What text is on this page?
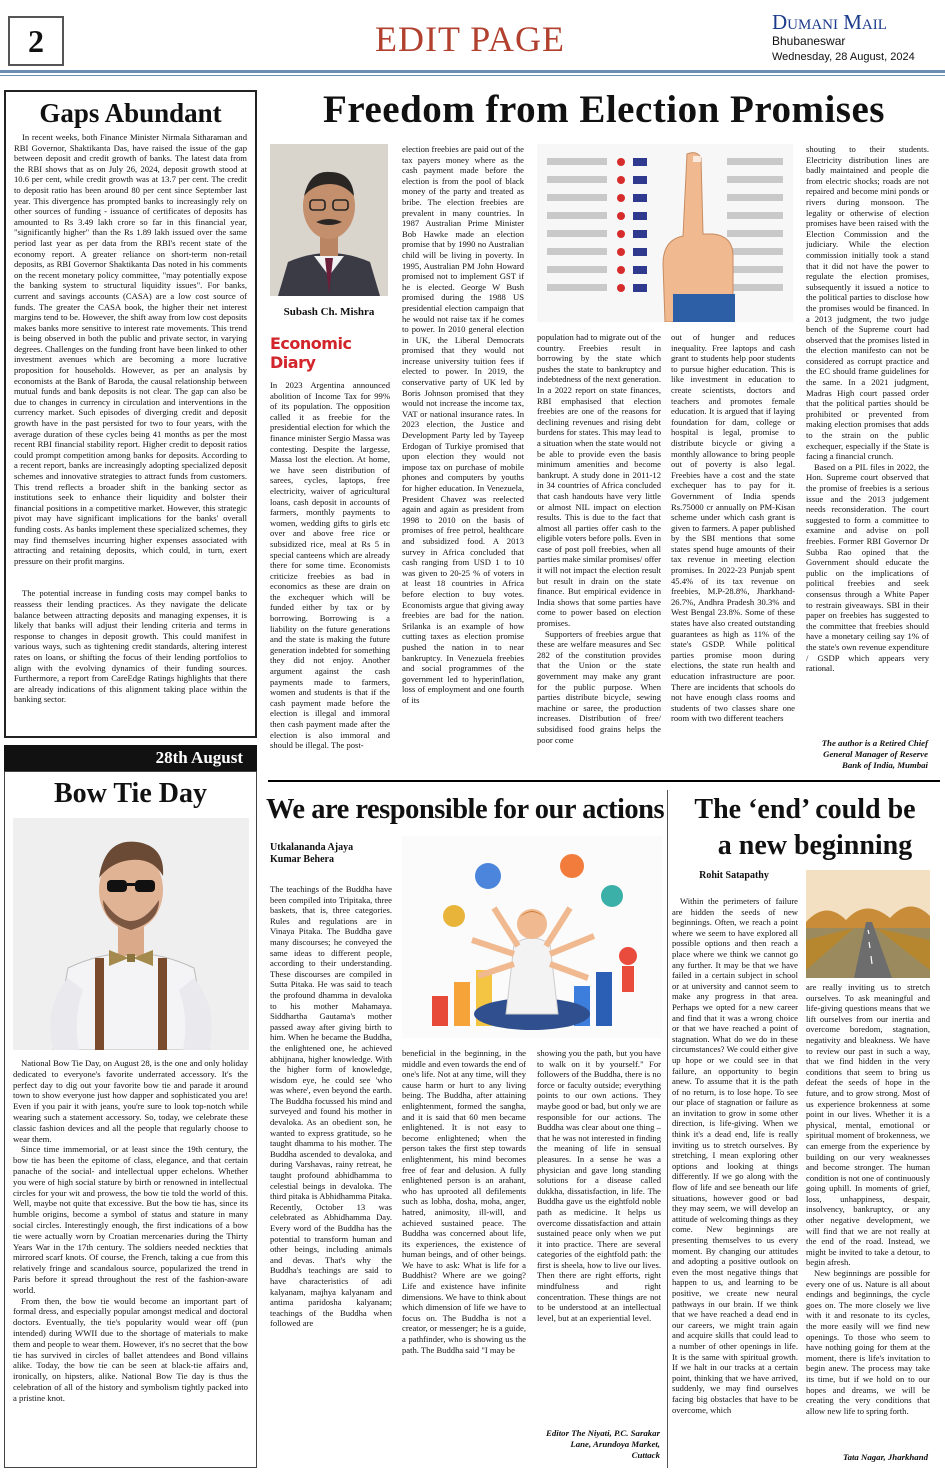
2	EDIT PAGE	Dumani Mail
Bhubaneswar
Wednesday, 28 August, 2024
Gaps Abundant

In recent weeks, both Finance Minister Nirmala Sitharaman and RBI Governor, Shaktikanta Das, have raised the issue of the gap between deposit and credit growth of banks. The latest data from the RBI shows that as on July 26, 2024, deposit growth stood at 10.6 per cent, while credit growth was at 13.7 per cent. The credit to deposit ratio has been around 80 per cent since September last year. This divergence has prompted banks to increasingly rely on other sources of funding - issuance of certificates of deposits has amounted to Rs 3.49 lakh crore so far in this financial year, "significantly higher" than the Rs 1.89 lakh issued over the same period last year as per data from the RBI's recent state of the economy report. A greater reliance on short-term non-retail deposits, as RBI Governor Shaktikanta Das noted in his comments on the recent monetary policy committee, "may potentially expose the banking system to structural liquidity issues". For banks, current and savings accounts (CASA) are a low cost source of funds. The greater the CASA book, the higher their net interest margins tend to be. However, the shift away from low cost deposits makes banks more sensitive to interest rate movements. This trend is being observed in both the public and private sector, in varying degrees. Challenges on the funding front have been linked to other investment avenues which are becoming a more lucrative proposition for households. However, as per an analysis by economists at the Bank of Baroda, the causal relationship between mutual funds and bank deposits is not clear. The gap can also be due to changes in currency in circulation and interventions in the currency market. Such episodes of diverging credit and deposit growth have in the past persisted for two to four years, with the average duration of these cycles being 41 months as per the most recent RBI financial stability report. Higher credit to deposit ratios could prompt competition among banks for deposits. According to a recent report, banks are increasingly adopting specialized deposit schemes and innovative strategies to attract funds from customers. This trend reflects a broader shift in the banking sector as institutions seek to enhance their liquidity and bolster their financial positions in a competitive market. However, this strategic pivot may have significant implications for the banks' overall funding costs. As banks implement these specialized schemes, they may find themselves incurring higher expenses associated with attracting and retaining deposits, which could, in turn, exert pressure on their profit margins.

The potential increase in funding costs may compel banks to reassess their lending practices. As they navigate the delicate balance between attracting deposits and managing expenses, it is likely that banks will adjust their lending criteria and terms in response to changes in deposit growth. This could manifest in various ways, such as tightening credit standards, altering interest rates on loans, or shifting the focus of their lending portfolios to align with the evolving dynamics of their funding sources. Furthermore, a report from CareEdge Ratings highlights that there are already indications of this alignment taking place within the banking sector.

28th August
Bow Tie Day

National Bow Tie Day, on August 28, is the one and only holiday dedicated to everyone's favorite underrated accessory. It's the perfect day to dig out your favorite bow tie and parade it around town to show everyone just how dapper and sophisticated you are! Even if you pair it with jeans, you're sure to look top-notch while wearing such a statement accessory. So, today, we celebrate these classic fashion devices and all the people that regularly choose to wear them.

Since time immemorial, or at least since the 19th century, the bow tie has been the epitome of class, elegance, and that certain panache of the social- and intellectual upper echelons. Whether you were of high social stature by birth or renowned in intellectual circles for your wit and prowess, the bow tie told the world of this. Well, maybe not quite that excessive. But the bow tie has, since its humble origins, become a symbol of status and stature in many social circles. Interestingly enough, the first indications of a bow tie were actually worn by Croatian mercenaries during the Thirty Years War in the 17th century. The soldiers needed neckties that mirrored scarf knots. Of course, the French, taking a cue from this relatively fringe and scandalous source, popularized the trend in Paris before it spread throughout the rest of the fashion-aware world.

From then, the bow tie would become an important part of formal dress, and especially popular amongst medical and doctoral doctors. Eventually, the tie's popularity would wear off (pun intended) during WWII due to the shortage of materials to make them and people to wear them. However, it's no secret that the bow tie has survived in circles of ballet attendees and Bond villains alike. Today, the bow tie can be seen at black-tie affairs and, ironically, on hipsters, alike. National Bow Tie day is thus the celebration of all of the history and symbolism tightly packed into a pristine knot.

Freedom from Election Promises
Subash Ch. Mishra
Economic Diary

In 2023 Argentina announced abolition of Income Tax for 99% of its population. The opposition called it as freebie for the presidential election for which the finance minister Sergio Massa was contesting. Despite the largesse, Massa lost the election. At home, we have seen distribution of sarees, cycles, laptops, free electricity, waiver of agricultural loans, cash deposit in accounts of farmers, monthly payments to women, wedding gifts to girls etc over and above free rice or subsidized rice, meal at Rs 5 in special canteens which are already there for some time. Economists criticize freebies as bad in economics as these are drain on the exchequer which will be funded either by tax or by borrowing. Borrowing is a liability on the future generations and the state is making the future generation indebted for something they did not enjoy. Another argument against the cash payments made to farmers, women and students is that if the cash payment made before the election is illegal and immoral then cash payment made after the election is also immoral and should be illegal. The post-

election freebies are paid out of the tax payers money where as the cash payment made before the election is from the pool of black money of the party and treated as bribe. The election freebies are prevalent in many countries. In 1987 Australian Prime Minister Bob Hawke made an election promise that by 1990 no Australian child will be living in poverty. In 1995, Australian PM John Howard promised not to implement GST if he is elected. George W Bush promised during the 1988 US presidential election campaign that he would not raise tax if he comes to power. In 2010 general election in UK, the Liberal Democrats promised that they would not increase university tuition fees if elected to power. In 2019, the conservative party of UK led by Boris Johnson promised that they would not increase the income tax, VAT or national insurance rates. In 2023 election, the Justice and Development Party led by Tayeep Erdogan of Turkiye promised that upon election they would not impose tax on purchase of mobile phones and computers by youths for higher education. In Venezuela, President Chavez was reelected again and again as president from 1998 to 2010 on the basis of promises of free petrol, healthcare and subsidized food. A 2013 survey in Africa concluded that cash ranging from USD 1 to 10 was given to 20-25 % of voters in at least 18 countries in Africa before election to buy votes. Economists argue that giving away freebies are bad for the nation. Srilanka is an example of how cutting taxes as election promise pushed the nation in to near bankruptcy. In Venezuela freebies and social programmes of the government led to hyperinflation, loss of employment and one fourth of its

population had to migrate out of the country. Freebies result in borrowing by the state which pushes the state to bankruptcy and indebtedness of the next generation. In a 2022 report on state finances, RBI emphasised that election freebies are one of the reasons for declining revenues and rising debt burdens for states. This may lead to a situation when the state would not be able to provide even the basis minimum amenities and become bankrupt. A study done in 2011-12 in 34 countries of Africa concluded that cash handouts have very little or almost NIL impact on election results. This is due to the fact that almost all parties offer cash to the eligible voters before polls. Even in case of post poll freebies, when all parties make similar promises/ offer it will not impact the election result but result in drain on the state finance. But empirical evidence in India shows that some parties have come to power based on election promises.

Supporters of freebies argue that these are welfare measures and Sec 282 of the constitution provides that the Union or the state government may make any grant for the public purpose. When parties distribute bicycle, sewing machine or saree, the production increases. Distribution of free/ subsidised food grains helps the poor come

out of hunger and reduces inequality. Free laptops and cash grant to students help poor students to pursue higher education. This is like investment in education to create scientists, doctors and teachers and promotes female education. It is argued that if laying foundation for dam, college or hospital is legal, promise to distribute bicycle or giving a monthly allowance to bring people out of poverty is also legal. Freebies have a cost and the state exchequer has to pay for it. Government of India spends Rs.75000 cr annually on PM-Kisan scheme under which cash grant is given to farmers. A paper published by the SBI mentions that some states spend huge amounts of their tax revenue in meeting election promises. In 2022-23 Punjab spent 45.4% of its tax revenue on freebies, M.P-28.8%, Jharkhand-26.7%, Andhra Pradesh 30.3% and West Bengal 23.8%. Some of these states have also created outstanding guarantees as high as 11% of the state's GSDP. While political parties promise moon during elections, the state run health and education infrastructure are poor. There are incidents that schools do not have enough class rooms and students of two classes share one room with two different teachers

shouting to their students. Electricity distribution lines are badly maintained and people die from electric shocks; roads are not repaired and become mini ponds or rivers during monsoon. The legality or otherwise of election promises have been raised with the Election Commission and the judiciary. While the election commission initially took a stand that it did not have the power to regulate the election promises, subsequently it issued a notice to the political parties to disclose how the promises would be financed. In a 2013 judgment, the two judge bench of the Supreme court had observed that the promises listed in the election manifesto can not be considered as corrupt practice and the EC should frame guidelines for the same. In a 2021 judgment, Madras High court passed order that the political parties should be prohibited or prevented from making election promises that adds to the strain on the public exchequer, especially if the State is facing a financial crunch.

Based on a PIL files in 2022, the Hon. Supreme court observed that the promise of freebies is a serious issue and the 2013 judgement needs reconsideration. The court suggested to form a committee to examine and advise on poll freebies. Former RBI Governor Dr Subba Rao opined that the Government should educate the public on the implications of political freebies and seek consensus through a White Paper to restrain giveaways. SBI in their paper on freebies has suggested to the committee that freebies should have a monetary ceiling say 1% of the state's own revenue expenditure / GSDP which appears very rational.

The author is a Retired Chief General Manager of Reserve Bank of India, Mumbai
We are responsible for our actions
Utkalananda Ajaya Kumar Behera

The teachings of the Buddha have been compiled into Tripitaka, three baskets, that is, three categories. Rules and regulations are in Vinaya Pitaka. The Buddha gave many discourses; he conveyed the same ideas to different people, according to their understanding. These discourses are compiled in Sutta Pitaka. He was said to teach the profound dhamma in devaloka to his mother Mahamaya. Siddhartha Gautama's mother passed away after giving birth to him. When he became the Buddha, the enlightened one, he achieved abhijnana, higher knowledge. With the higher form of knowledge, wisdom eye, he could see 'who was where', even beyond the earth. The Buddha focussed his mind and surveyed and found his mother in devaloka. As an obedient son, he wanted to express gratitude, so he taught dhamma to his mother. The Buddha ascended to devaloka, and during Varshavas, rainy retreat, he taught profound abhidhamma to celestial beings in devaloka. The third pitaka is Abhidhamma Pitaka. Recently, October 13 was celebrated as Abhidhamma Day. Every word of the Buddha has the potential to transform human and other beings, including animals and devas. That's why the Buddha's teachings are said to have characteristics of adi kalyanam, majhya kalyanam and antima paridosha kalyanam; teachings of the Buddha when followed are

beneficial in the beginning, in the middle and even towards the end of one's life. Not at any time, will they cause harm or hurt to any living being. The Buddha, after attaining enlightenment, formed the sangha, and it is said that 60 men became enlightened. It is not easy to become enlightened; when the person takes the first step towards enlightenment, his mind becomes free of fear and delusion. A fully enlightened person is an arahant, who has uprooted all defilements such as lobha, dosha, moha, anger, hatred, animosity, ill-will, and achieved sustained peace. The Buddha was concerned about life, its experiences, the existence of human beings, and of other beings. We have to ask: What is life for a Buddhist? Where are we going? Life and existence have infinite dimensions. We have to think about which dimension of life we have to focus on. The Buddha is not a creator, or messenger; he is a guide, a pathfinder, who is showing us the path. The Buddha said "I may be

showing you the path, but you have to walk on it by yourself." For followers of the Buddha, there is no force or faculty outside; everything points to our own actions. They maybe good or bad, but only we are responsible for our actions. The Buddha was clear about one thing – that he was not interested in finding the meaning of life in sensual pleasures. In a sense he was a physician and gave long standing solutions for a disease called dukkha, dissatisfaction, in life. The Buddha gave us the eightfold noble path as medicine. It helps us overcome dissatisfaction and attain sustained peace only when we put it into practice. There are several categories of the eightfold path: the first is sheela, how to live our lives. Then there are right efforts, right mindfulness and right concentration. These things are not to be understood at an intellectual level, but at an experiential level.

Editor The Niyati, P.C. Sarakar Lane, Arundoya Market, Cuttack
The ‘end’ could be
a new beginning
Rohit Satapathy

Within the perimeters of failure are hidden the seeds of new beginnings. Often, we reach a point where we seem to have explored all possible options and then reach a place where we think we cannot go any further. It may be that we have failed in a certain subject in school or at university and cannot seem to make any progress in that area. Perhaps we opted for a new career and find that it was a wrong choice or that we have reached a point of stagnation. What do we do in these circumstances? We could either give up hope or we could see in that failure, an opportunity to begin anew. To assume that it is the path of no return, is to lose hope. To see our place of stagnation or failure as an invitation to grow in some other direction, is life-giving. When we think it's a dead end, life is really inviting us to stretch ourselves. By stretching, I mean exploring other options and looking at things differently. If we go along with the flow of life and see beneath our life situations, however good or bad they may seem, we will develop an attitude of welcoming things as they come. New beginnings are presenting themselves to us every moment. By changing our attitudes and adopting a positive outlook on even the most negative things that happen to us, and learning to be positive, we create new neural pathways in our brain. If we think that we have reached a dead end in our careers, we might train again and acquire skills that could lead to a number of other openings in life. It is the same with spiritual growth. If we halt in our tracks at a certain point, thinking that we have arrived, suddenly, we may find ourselves facing big obstacles that have to be overcome, which

are really inviting us to stretch ourselves. To ask meaningful and life-giving questions means that we lift ourselves from our inertia and overcome boredom, stagnation, negativity and bleakness. We have to review our past in such a way, that we find hidden in the very conditions that seem to bring us defeat the seeds of hope in the future, and to grow strong. Most of us experience brokenness at some point in our lives. Whether it is a physical, mental, emotional or spiritual moment of brokenness, we can emerge from the experience by building on our very weaknesses and become stronger. The human condition is not one of continuously going uphill. In moments of grief, loss, unhappiness, despair, insolvency, bankruptcy, or any other negative development, we will find that we are not really at the end of the road. Instead, we might be invited to take a detour, to begin afresh.

New beginnings are possible for every one of us. Nature is all about endings and beginnings, the cycle goes on. The more closely we live with it and resonate to its cycles, the more easily will we find new openings. To those who seem to have nothing going for them at the moment, there is life's invitation to begin anew. The process may take its time, but if we hold on to our hopes and dreams, we will be creating the very conditions that allow new life to spring forth.

Tata Nagar, Jharkhand
